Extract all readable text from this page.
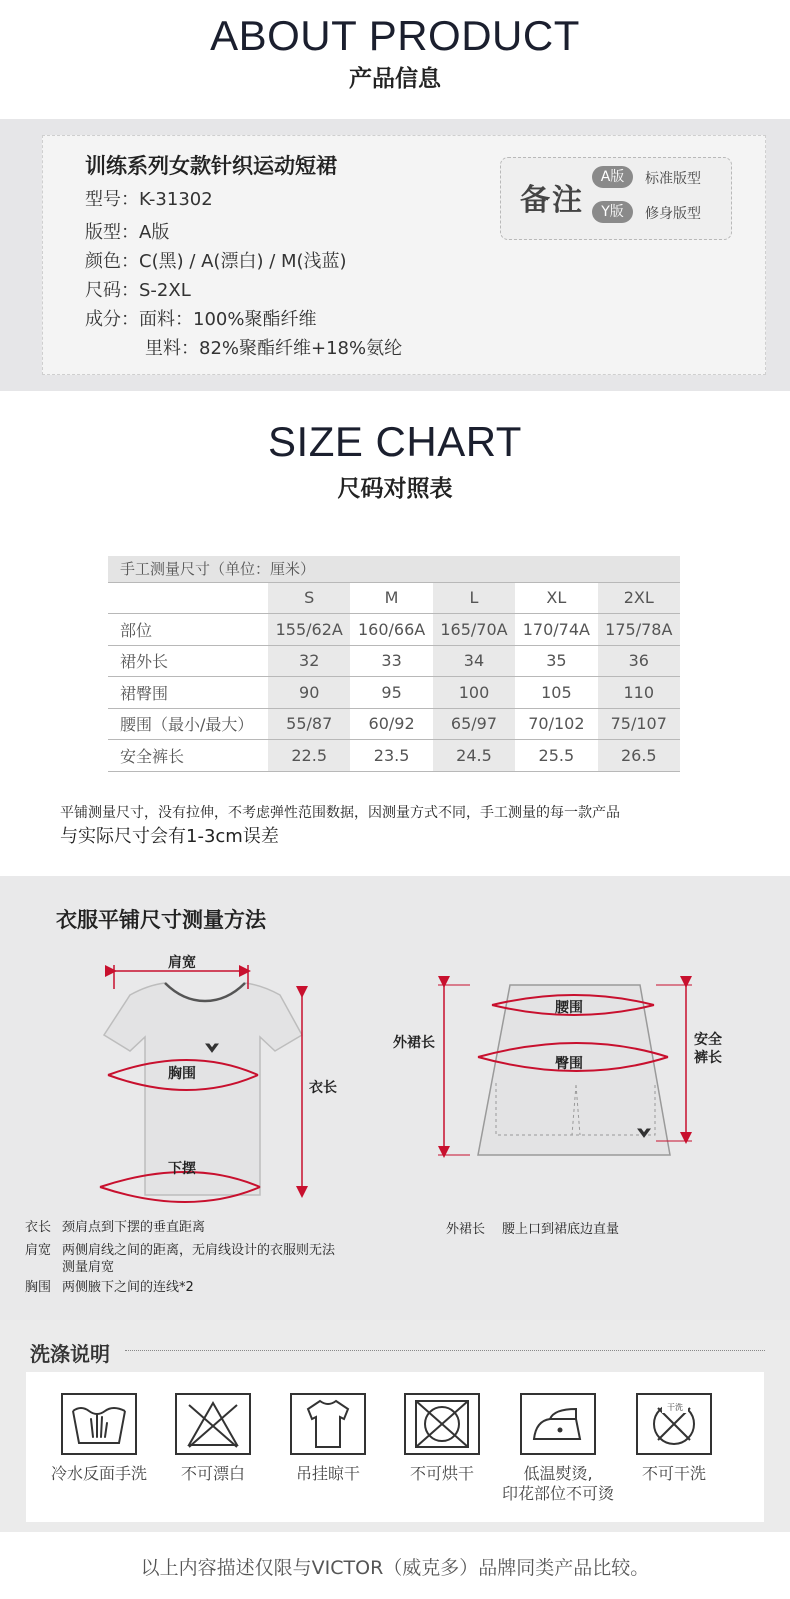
ABOUT PRODUCT
产品信息
训练系列女款针织运动短裙
型号：K-31302
版型：A版
颜色：C(黑) / A(漂白) / M(浅蓝)
尺码：S-2XL
成分：面料：100%聚酯纤维
里料：82%聚酯纤维+18%氨纶
备注
A版	标准版型
Y版	修身版型
SIZE CHART
尺码对照表
手工测量尺寸（单位：厘米）					
	S	M	L	XL	2XL
部位	155/62A	160/66A	165/70A	170/74A	175/78A
裙外长	32	33	34	35	36
裙臀围	90	95	100	105	110
腰围（最小/最大）	55/87	60/92	65/97	70/102	75/107
安全裤长	22.5	23.5	24.5	25.5	26.5
平铺测量尺寸，没有拉伸，不考虑弹性范围数据，因测量方式不同，手工测量的每一款产品
与实际尺寸会有1-3cm误差
衣服平铺尺寸测量方法
肩宽
胸围
衣长
下摆
腰围
臀围
外裙长	安全
裤长
衣长 颈肩点到下摆的垂直距离
肩宽 两侧肩线之间的距离，无肩线设计的衣服则无法
测量肩宽
胸围 两侧腋下之间的连线*2
外裙长 腰上口到裙底边直量
洗涤说明
干洗
冷水反面手洗	不可漂白	吊挂晾干	不可烘干	低温熨烫,
印花部位不可烫
不可干洗
以上内容描述仅限与VICTOR（威克多）品牌同类产品比较。
